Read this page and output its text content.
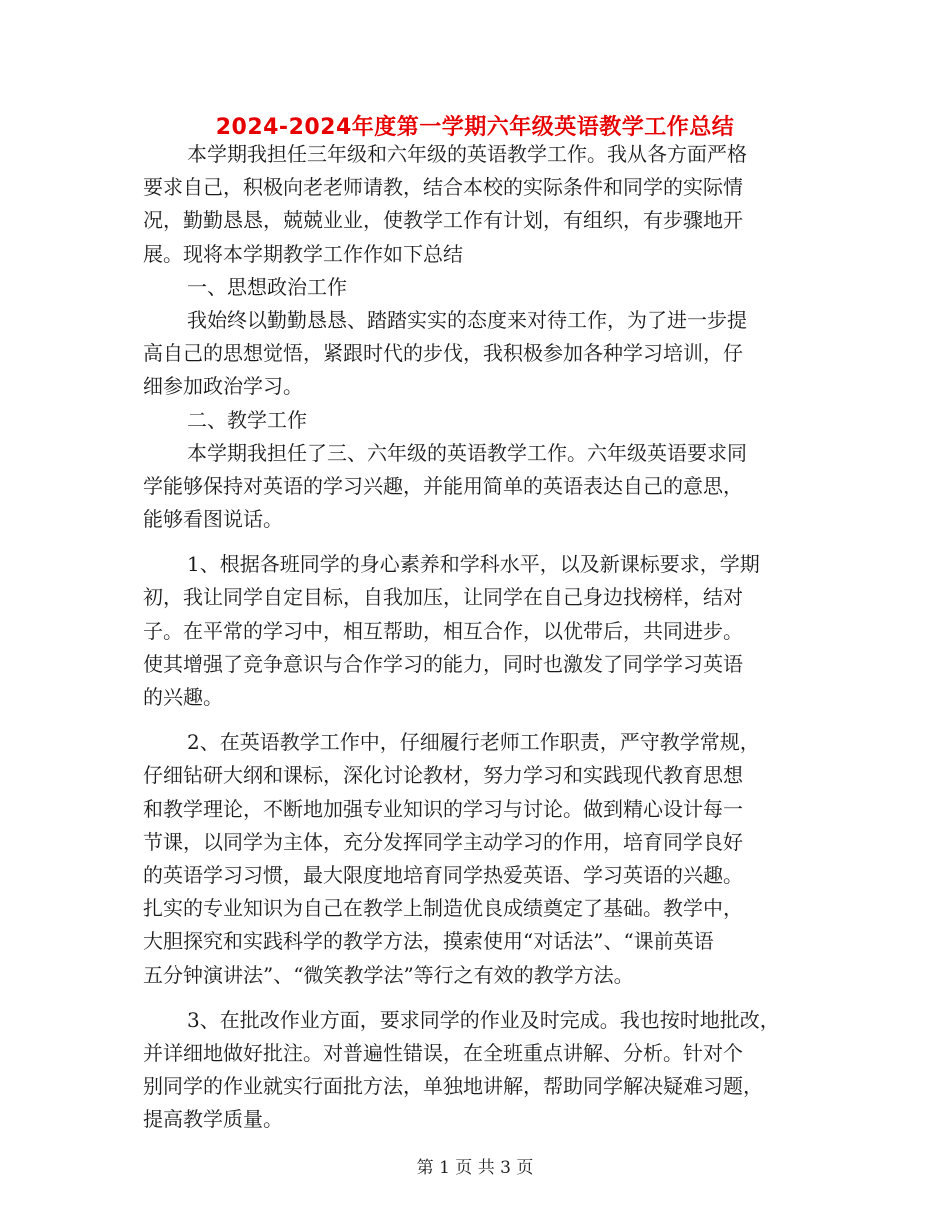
2024-2024年度第一学期六年级英语教学工作总结
本学期我担任三年级和六年级的英语教学工作。我从各方面严格
要求自己，积极向老老师请教，结合本校的实际条件和同学的实际情
况，勤勤恳恳，兢兢业业，使教学工作有计划，有组织，有步骤地开
展。现将本学期教学工作作如下总结
一、思想政治工作
我始终以勤勤恳恳、踏踏实实的态度来对待工作，为了进一步提
高自己的思想觉悟，紧跟时代的步伐，我积极参加各种学习培训，仔
细参加政治学习。
二、教学工作
本学期我担任了三、六年级的英语教学工作。六年级英语要求同
学能够保持对英语的学习兴趣，并能用简单的英语表达自己的意思，
能够看图说话。
1、根据各班同学的身心素养和学科水平，以及新课标要求，学期
初，我让同学自定目标，自我加压，让同学在自己身边找榜样，结对
子。在平常的学习中，相互帮助，相互合作，以优带后，共同进步。
使其增强了竞争意识与合作学习的能力，同时也激发了同学学习英语
的兴趣。
2、在英语教学工作中，仔细履行老师工作职责，严守教学常规，
仔细钻研大纲和课标，深化讨论教材，努力学习和实践现代教育思想
和教学理论，不断地加强专业知识的学习与讨论。做到精心设计每一
节课，以同学为主体，充分发挥同学主动学习的作用，培育同学良好
的英语学习习惯，最大限度地培育同学热爱英语、学习英语的兴趣。
扎实的专业知识为自己在教学上制造优良成绩奠定了基础。教学中，
大胆探究和实践科学的教学方法，摸索使用“对话法”、“课前英语
五分钟演讲法”、“微笑教学法”等行之有效的教学方法。
3、在批改作业方面，要求同学的作业及时完成。我也按时地批改，
并详细地做好批注。对普遍性错误，在全班重点讲解、分析。针对个
别同学的作业就实行面批方法，单独地讲解，帮助同学解决疑难习题，
提高教学质量。
第 1 页 共 3 页
